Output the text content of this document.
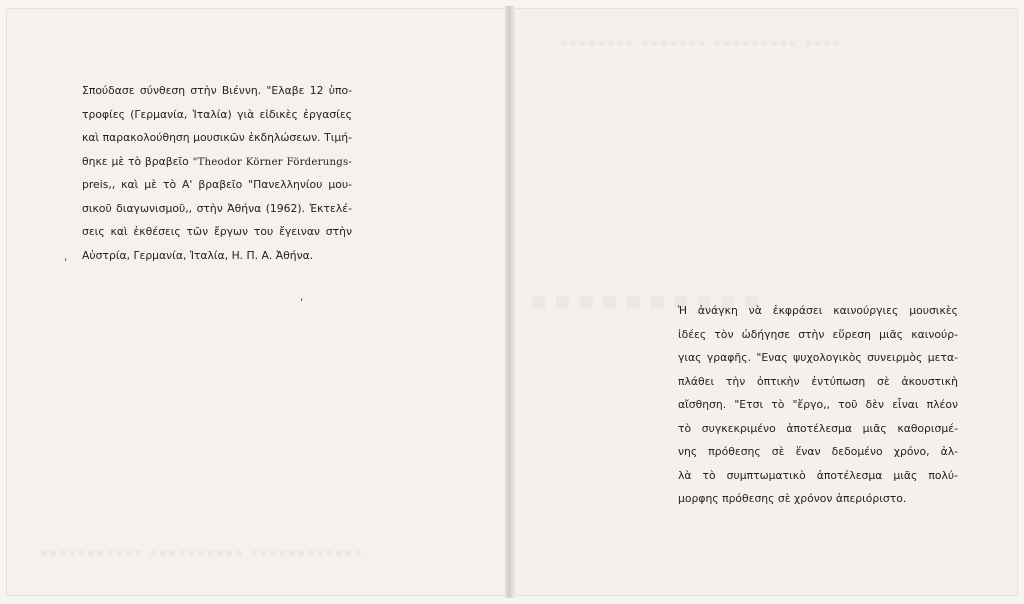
▪▪▪▪▪▪▪▪ ▪▪▪▪▪▪▪ ▪▪▪▪▪▪▪▪▪ ▪▪▪▪
▪▪▪▪▪▪▪▪▪▪
▪▪▪▪▪▪▪▪▪▪▪ ▪▪▪▪▪▪▪▪▪▪ ▪▪▪▪▪▪▪▪▪▪▪▪
Σπούδασε σύνθεση στὴν Βιέννη. "Ελαβε 12 ὑπο-
τροφίες (Γερμανία, Ἰταλία) γιὰ εἰδικὲς ἐργασίες
καὶ παρακολούθηση μουσικῶν ἐκδηλώσεων. Τιμή-
θηκε μὲ τὸ βραβεῖο "Theodor Körner Förderungs-
preis,, καὶ μὲ τὸ Α' βραβεῖο "Πανελληνίου μου-
σικοῦ διαγωνισμοῦ,, στὴν Ἀθήνα (1962). Ἐκτελέ-
σεις καὶ ἐκθέσεις τῶν ἔργων του ἔγειναν στὴν
Αὐστρία, Γερμανία, Ἰταλία, Η. Π. Α. Ἀθήνα.
,
,
Ἡ ἀνάγκη νὰ ἐκφράσει καινούργιες μουσικὲς
ἰδέες τὸν ὡδήγησε στὴν εὕρεση μιᾶς καινούρ-
γιας γραφῆς. "Ενας ψυχολογικὸς συνειρμὸς μετα-
πλάθει τὴν ὀπτικὴν ἐντύπωση σὲ ἀκουστικὴ
αἴσθηση. "Ετσι τὸ "ἔργο,, τοῦ δὲν εἶναι πλέον
τὸ συγκεκριμένο ἀποτέλεσμα μιᾶς καθορισμέ-
νης πρόθεσης σὲ ἕναν δεδομένο χρόνο, ἀλ-
λὰ τὸ συμπτωματικὸ ἀποτέλεσμα μιᾶς πολύ-
μορφης πρόθεσης σὲ χρόνον ἀπεριόριστο.
